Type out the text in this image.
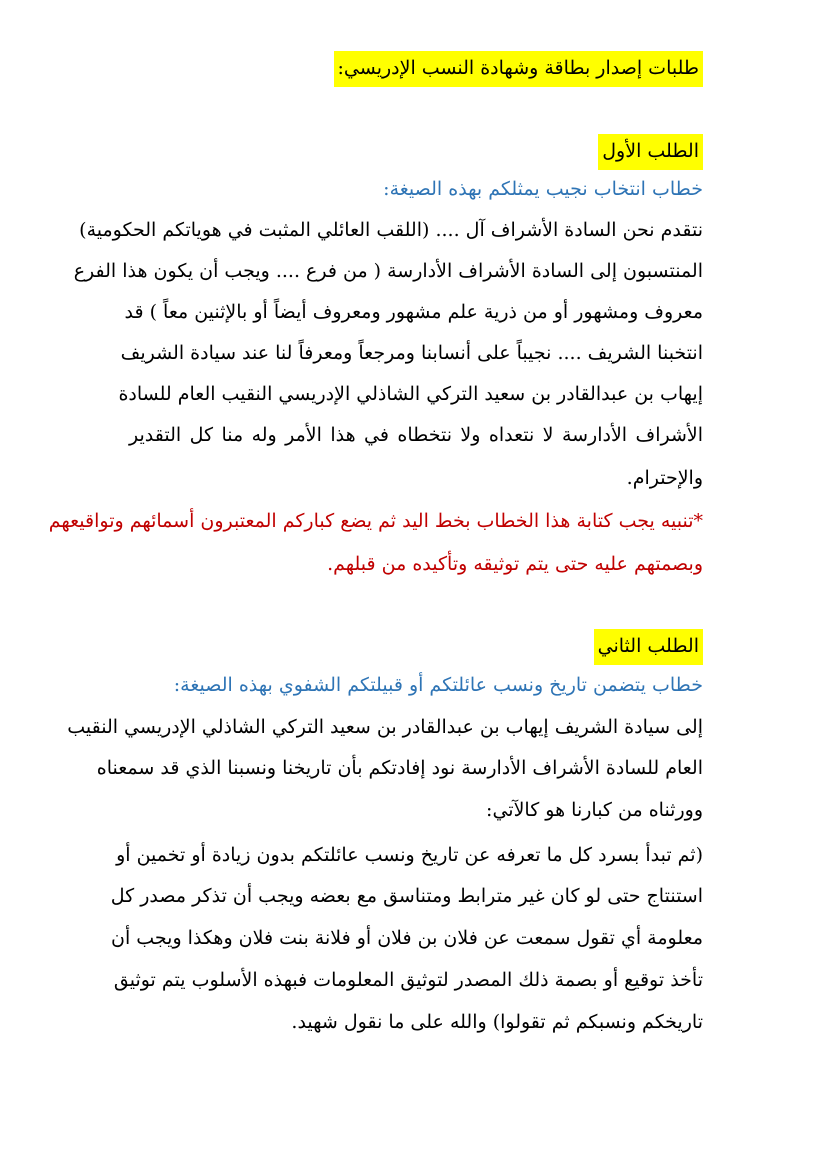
طلبات إصدار بطاقة وشهادة النسب الإدريسي:
الطلب الأول
خطاب انتخاب نجيب يمثلكم بهذه الصيغة:
نتقدم نحن السادة الأشراف آل .... (اللقب العائلي المثبت في هوياتكم الحكومية)
المنتسبون إلى السادة الأشراف الأدارسة ( من فرع .... ويجب أن يكون هذا الفرع
معروف ومشهور أو من ذرية علم مشهور ومعروف أيضاً أو بالإثنين معاً ) قد
انتخبنا الشريف .... نجيباً على أنسابنا ومرجعاً ومعرفاً لنا عند سيادة الشريف
إيهاب بن عبدالقادر بن سعيد التركي الشاذلي الإدريسي النقيب العام للسادة
الأشراف الأدارسة لا نتعداه ولا نتخطاه في هذا الأمر وله منا كل التقدير
والإحترام.
*تنبيه يجب كتابة هذا الخطاب بخط اليد ثم يضع كباركم المعتبرون أسمائهم وتواقيعهم
وبصمتهم عليه حتى يتم توثيقه وتأكيده من قبلهم.
الطلب الثاني
خطاب يتضمن تاريخ ونسب عائلتكم أو قبيلتكم الشفوي بهذه الصيغة:
إلى سيادة الشريف إيهاب بن عبدالقادر بن سعيد التركي الشاذلي الإدريسي النقيب
العام للسادة الأشراف الأدارسة نود إفادتكم بأن تاريخنا ونسبنا الذي قد سمعناه
وورثناه من كبارنا هو كالآتي:
(ثم تبدأ بسرد كل ما تعرفه عن تاريخ ونسب عائلتكم بدون زيادة أو تخمين أو
استنتاج حتى لو كان غير مترابط ومتناسق مع بعضه ويجب أن تذكر مصدر كل
معلومة أي تقول سمعت عن فلان بن فلان أو فلانة بنت فلان وهكذا ويجب أن
تأخذ توقيع أو بصمة ذلك المصدر لتوثيق المعلومات فبهذه الأسلوب يتم توثيق
تاريخكم ونسبكم ثم تقولوا) والله على ما نقول شهيد.
